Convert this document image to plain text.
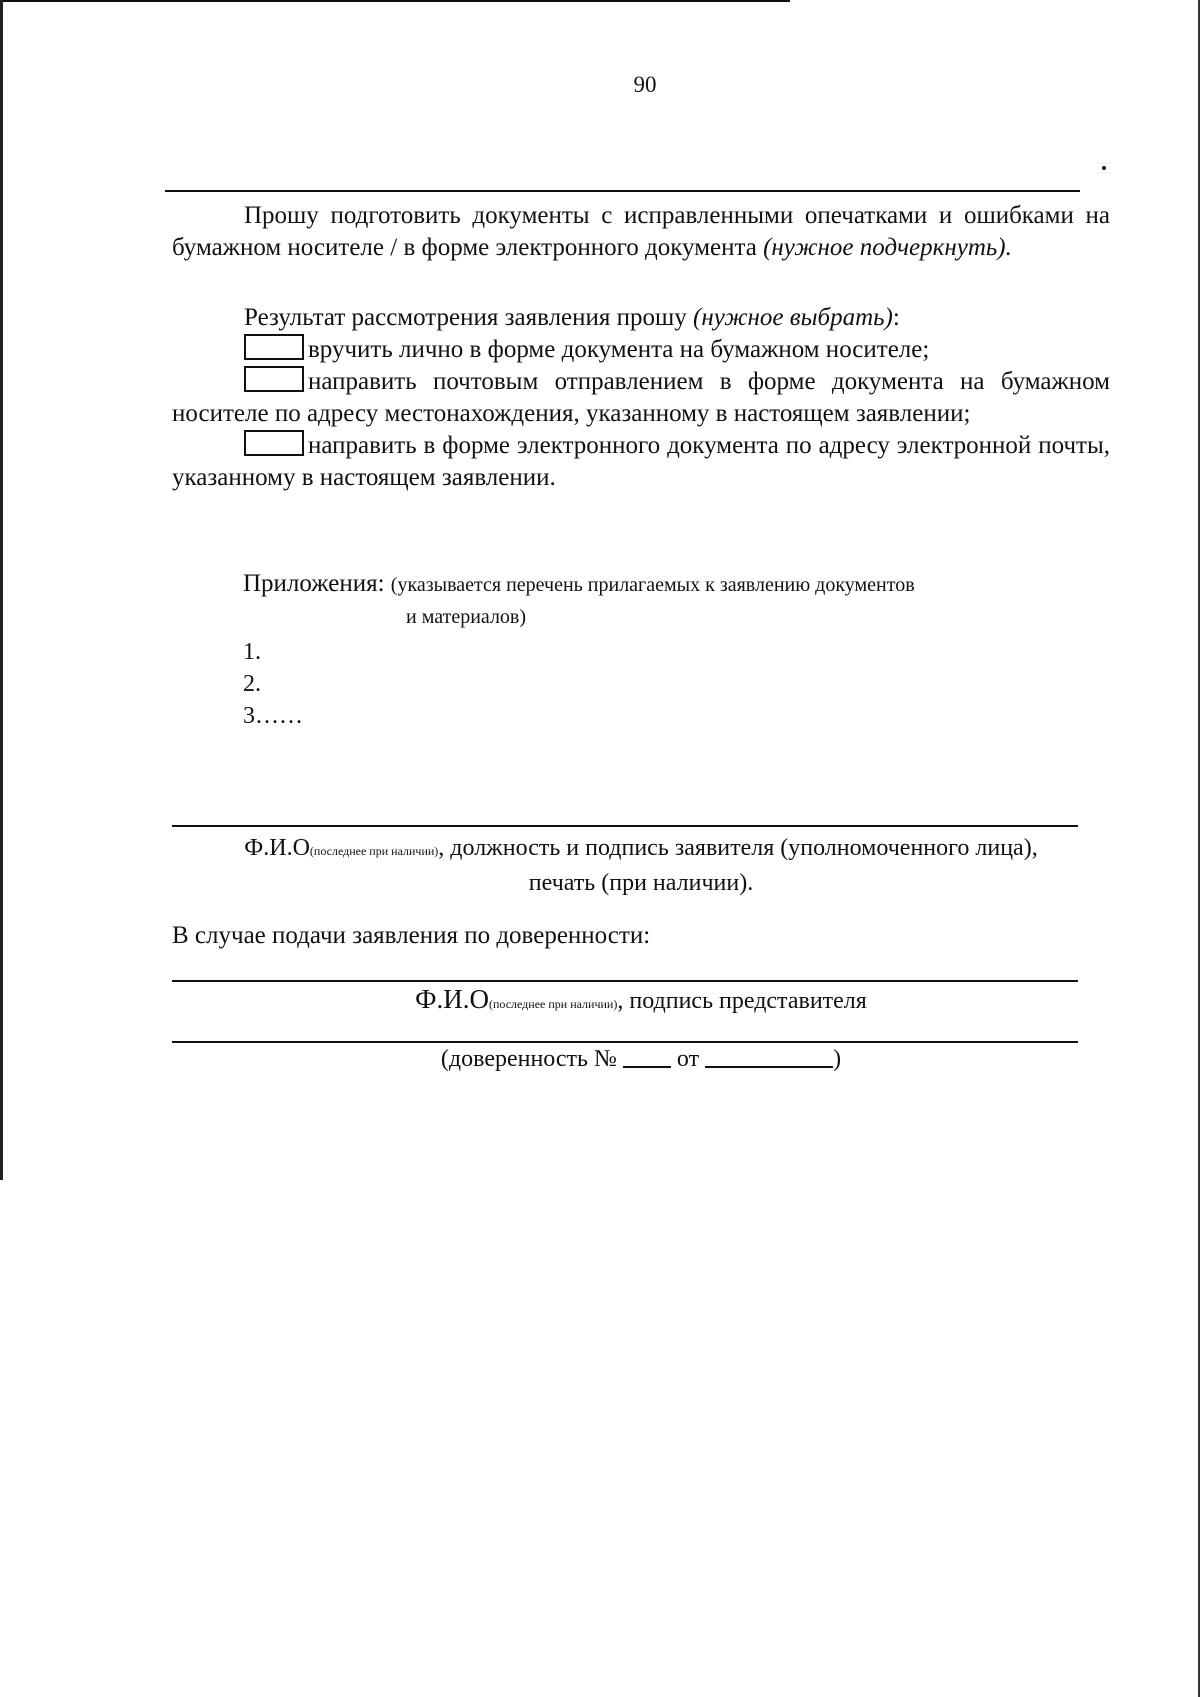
90

Прошу подготовить документы с исправленными опечатками и ошибками на бумажном носителе / в форме электронного документа (нужное подчеркнуть).

Результат рассмотрения заявления прошу (нужное выбрать):

вручить лично в форме документа на бумажном носителе;

направить почтовым отправлением в форме документа на бумажном носителе по адресу местонахождения, указанному в настоящем заявлении;

направить в форме электронного документа по адресу электронной почты, указанному в настоящем заявлении.

Приложения: (указывается перечень прилагаемых к заявлению документов
и материалов)
1.
2.
3……
Ф.И.О(последнее при наличии), должность и подпись заявителя (уполномоченного лица),
печать (при наличии).
В случае подачи заявления по доверенности:
Ф.И.О(последнее при наличии), подпись представителя
(доверенность №	от	)
